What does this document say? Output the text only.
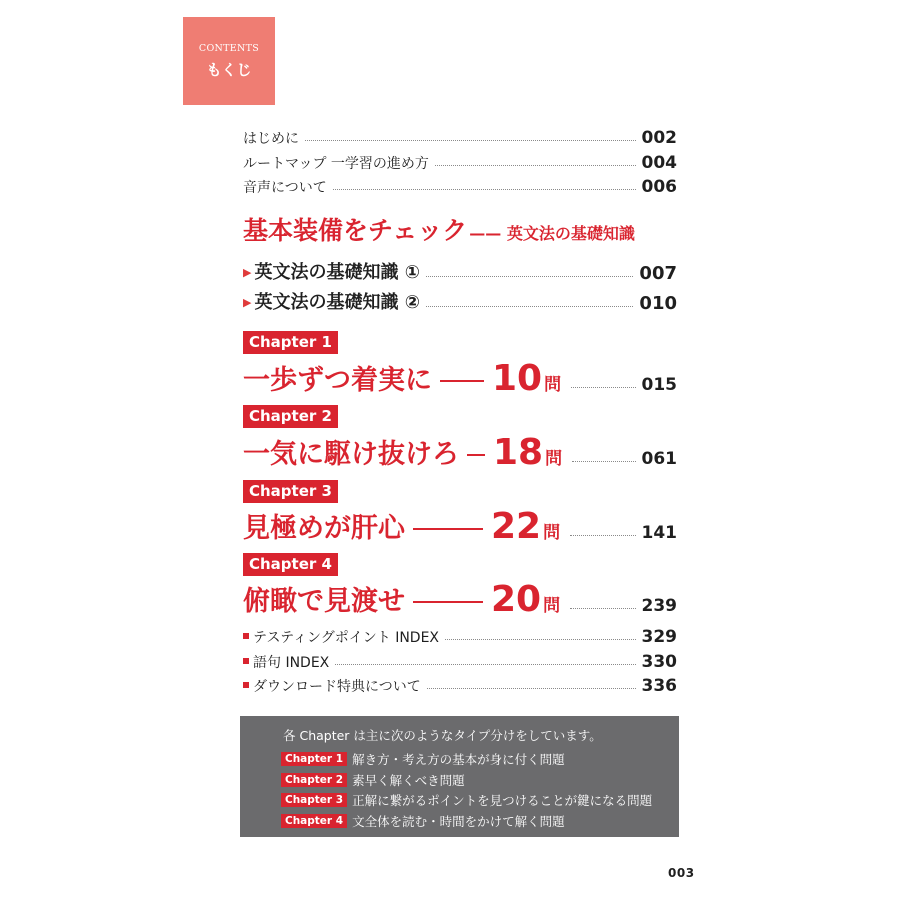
CONTENTS
もくじ
はじめに	002
ルートマップ 一学習の進め方	004
音声について	006
基本装備をチェック —— 英文法の基礎知識
▶ 英文法の基礎知識 ①	007
▶ 英文法の基礎知識 ②	010
Chapter 1
一歩ずつ着実に 10 問	015
Chapter 2
一気に駆け抜けろ 18 問	061
Chapter 3
見極めが肝心 22 問	141
Chapter 4
俯瞰で見渡せ 20 問	239
テスティングポイント INDEX	329
語句 INDEX	330
ダウンロード特典について	336
各 Chapter は主に次のようなタイプ分けをしています。
Chapter 1 解き方・考え方の基本が身に付く問題
Chapter 2 素早く解くべき問題
Chapter 3 正解に繋がるポイントを見つけることが鍵になる問題
Chapter 4 文全体を読む・時間をかけて解く問題
003
